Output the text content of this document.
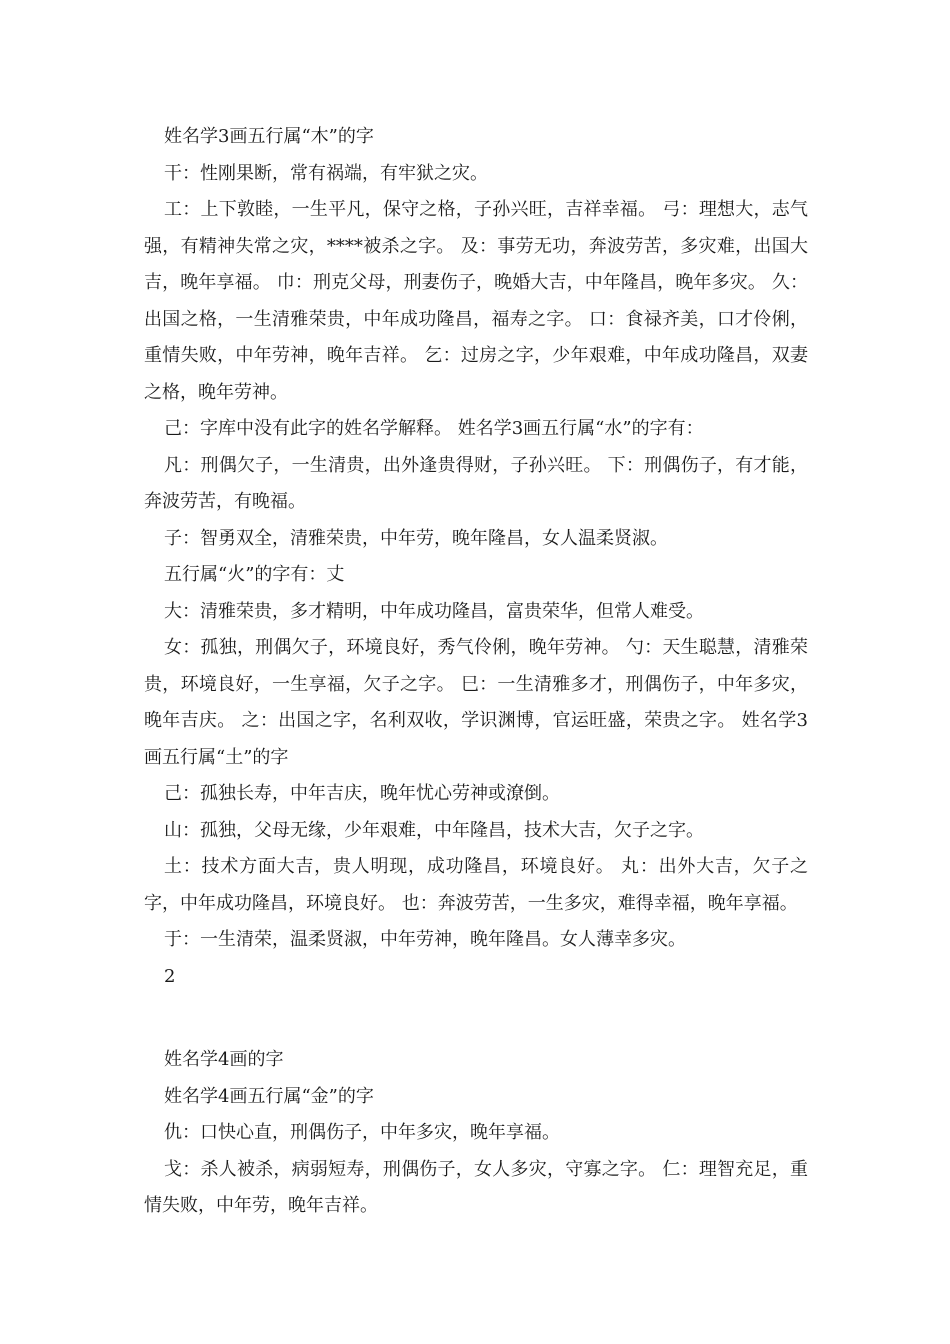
姓名学3画五行属“木”的字

干：性刚果断，常有祸端，有牢狱之灾。

工：上下敦睦，一生平凡，保守之格，子孙兴旺，吉祥幸福。 弓：理想大，志气强，有精神失常之灾，****被杀之字。 及：事劳无功，奔波劳苦，多灾难，出国大吉，晚年享福。 巾：刑克父母，刑妻伤子，晚婚大吉，中年隆昌，晚年多灾。 久：出国之格，一生清雅荣贵，中年成功隆昌，福寿之字。 口：食禄齐美，口才伶俐，重情失败，中年劳神，晚年吉祥。 乞：过房之字，少年艰难，中年成功隆昌，双妻之格，晚年劳神。

己：字库中没有此字的姓名学解释。 姓名学3画五行属“水”的字有：

凡：刑偶欠子，一生清贵，出外逢贵得财，子孙兴旺。 下：刑偶伤子，有才能，奔波劳苦，有晚福。

子：智勇双全，清雅荣贵，中年劳，晚年隆昌，女人温柔贤淑。

五行属“火”的字有：丈

大：清雅荣贵，多才精明，中年成功隆昌，富贵荣华，但常人难受。

女：孤独，刑偶欠子，环境良好，秀气伶俐，晚年劳神。 勺：天生聪慧，清雅荣贵，环境良好，一生享福，欠子之字。 巳：一生清雅多才，刑偶伤子，中年多灾，晚年吉庆。 之：出国之字，名利双收，学识渊博，官运旺盛，荣贵之字。 姓名学3画五行属“土”的字

己：孤独长寿，中年吉庆，晚年忧心劳神或潦倒。

山：孤独，父母无缘，少年艰难，中年隆昌，技术大吉，欠子之字。

土：技术方面大吉，贵人明现，成功隆昌，环境良好。 丸：出外大吉，欠子之字，中年成功隆昌，环境良好。 也：奔波劳苦，一生多灾，难得幸福，晚年享福。

于：一生清荣，温柔贤淑，中年劳神，晚年隆昌。女人薄幸多灾。

2

姓名学4画的字

姓名学4画五行属“金”的字

仇：口快心直，刑偶伤子，中年多灾，晚年享福。

戈：杀人被杀，病弱短寿，刑偶伤子，女人多灾，守寡之字。 仁：理智充足，重情失败，中年劳，晚年吉祥。
